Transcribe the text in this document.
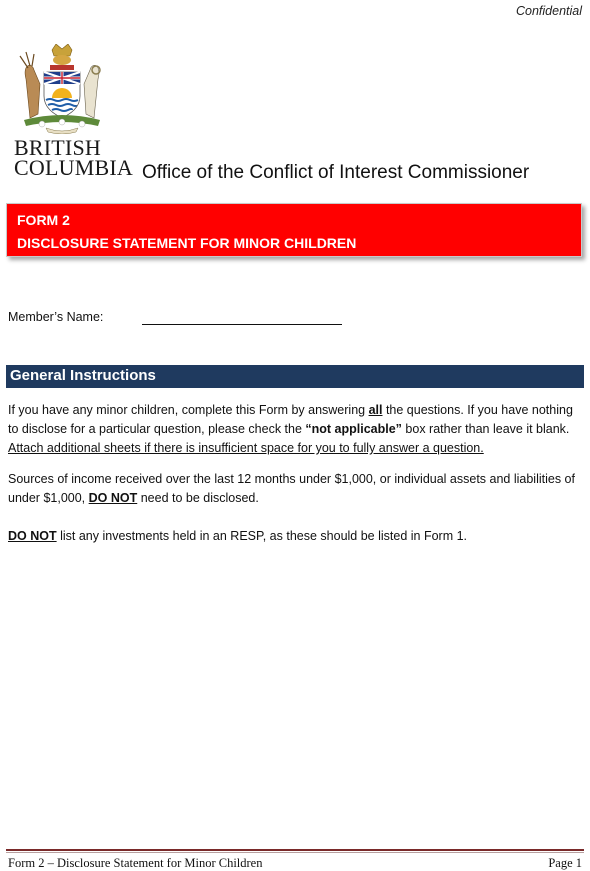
Confidential
BRITISH
COLUMBIA Office of the Conflict of Interest Commissioner
FORM 2
DISCLOSURE STATEMENT FOR MINOR CHILDREN
Member’s Name:
General Instructions
If you have any minor children, complete this Form by answering all the questions. If you have nothing to disclose for a particular question, please check the “not applicable” box rather than leave it blank. Attach additional sheets if there is insufficient space for you to fully answer a question.
Sources of income received over the last 12 months under $1,000, or individual assets and liabilities of under $1,000, DO NOT need to be disclosed.
DO NOT list any investments held in an RESP, as these should be listed in Form 1.
Form 2 – Disclosure Statement for Minor Children	Page 1
